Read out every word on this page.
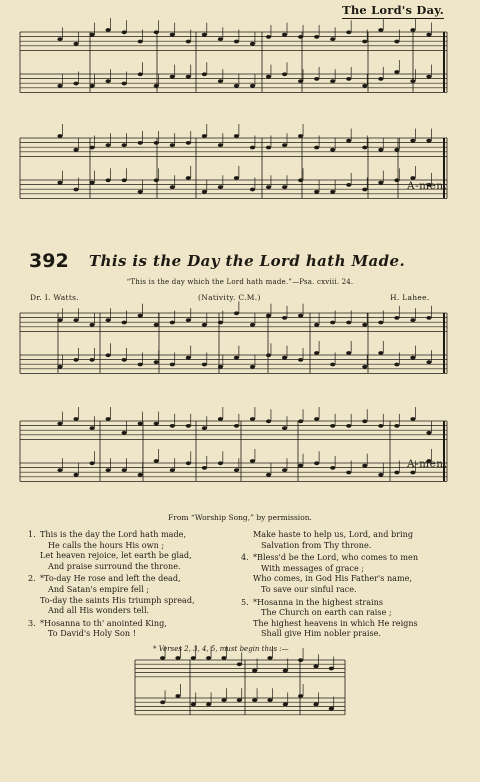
The Lord's Day.
A-men.
A-men.
392 This is the Day the Lord hath Made.
“This is the day which the Lord hath made.”—Psa. cxviii. 24.
Dr. I. Watts.	(Nativity. C.M.)	H. Lahee.
From “Worship Song,” by permission.
1. This is the day the Lord hath made,
He calls the hours His own ;
Let heaven rejoice, let earth be glad,
And praise surround the throne.
2. *To-day He rose and left the dead,
And Satan's empire fell ;
To-day the saints His triumph spread,
And all His wonders tell.
3. *Hosanna to th' anointed King,
To David's Holy Son !
Make haste to help us, Lord, and bring
Salvation from Thy throne.
4. *Bless'd be the Lord, who comes to men
With messages of grace ;
Who comes, in God His Father's name,
To save our sinful race.
5. *Hosanna in the highest strains
The Church on earth can raise ;
The highest heavens in which He reigns
Shall give Him nobler praise.
* Verses 2, 3, 4, 5, must begin thus :—
